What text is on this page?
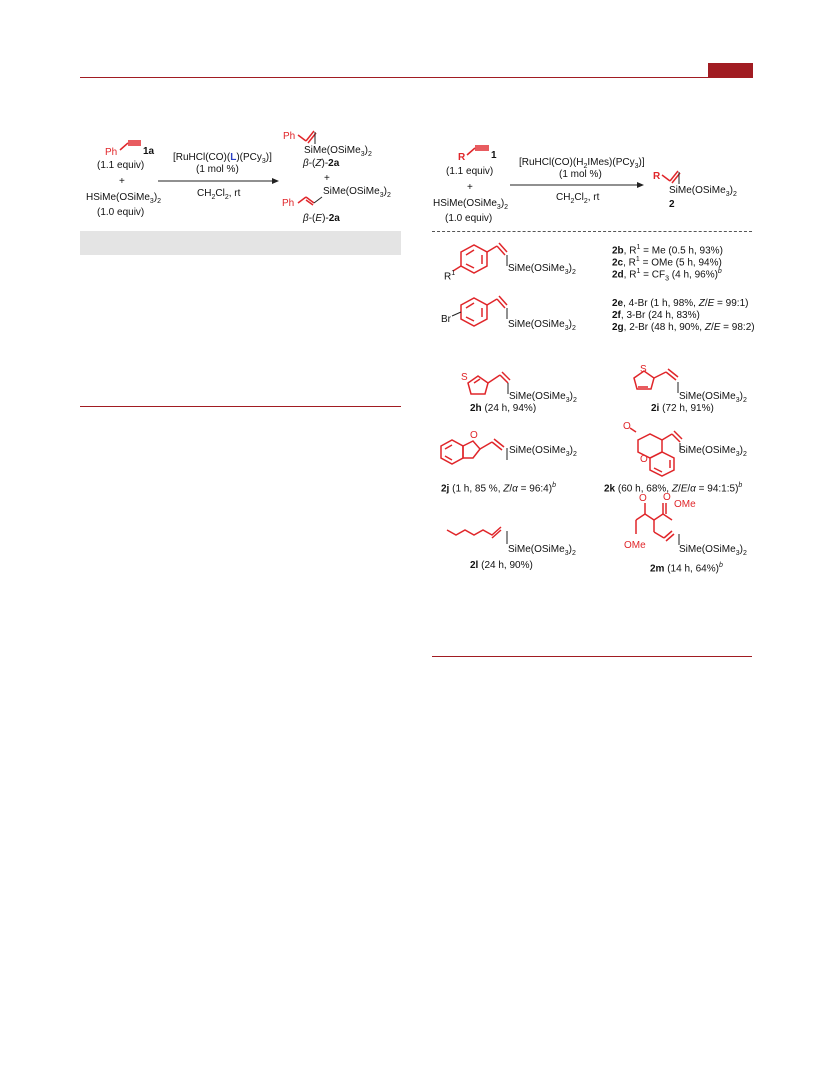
Ph	1a
(1.1 equiv)
+
$HSiMe(OSiMe_3)_2$
(1.0 equiv)
[RuHCl(CO)(L)(PCy$_3$)]
(1 mol %)
$CH_2Cl_2$, rt
Ph
$SiMe(OSiMe_3)_2$
β-(Z)-2a
+
Ph
$SiMe(OSiMe_3)_2$
β-(E)-2a
R	1
(1.1 equiv)
+
$HSiMe(OSiMe_3)_2$
(1.0 equiv)
$[RuHCl(CO)(H_2IMes)(PCy_3)]$
(1 mol %)
$CH_2Cl_2$, rt
R
$SiMe(OSiMe_3)_2$
2
$R^1$	$SiMe(OSiMe_3)_2$
2b, $R^1 = Me$ (0.5 h, 93%)
2c, $R^1$ = OMe (5 h, 94%)
2d, $R^1 = CF_3$ (4 h, 96%)$^b$
Br	$SiMe(OSiMe_3)_2$
2e, 4-Br (1 h, 98%, Z/E = 99:1)
2f, 3-Br (24 h, 83%)
2g, 2-Br (48 h, 90%, Z/E = 98:2)
S
$SiMe(OSiMe_3)_2$
2h (24 h, 94%)
S
$SiMe(OSiMe_3)_2$
2i (72 h, 91%)
O
$SiMe(OSiMe_3)_2$
2j (1 h, 85 %, Z/α = 96:4)$^b$
O
O
$SiMe(OSiMe_3)_2$
2k (60 h, 68%, Z/E/α = 94:1:5)$^b$
$SiMe(OSiMe_3)_2$
2l (24 h, 90%)
OMe
O O
OMe	$SiMe(OSiMe_3)_2$
2m (14 h, 64%)$^b$
